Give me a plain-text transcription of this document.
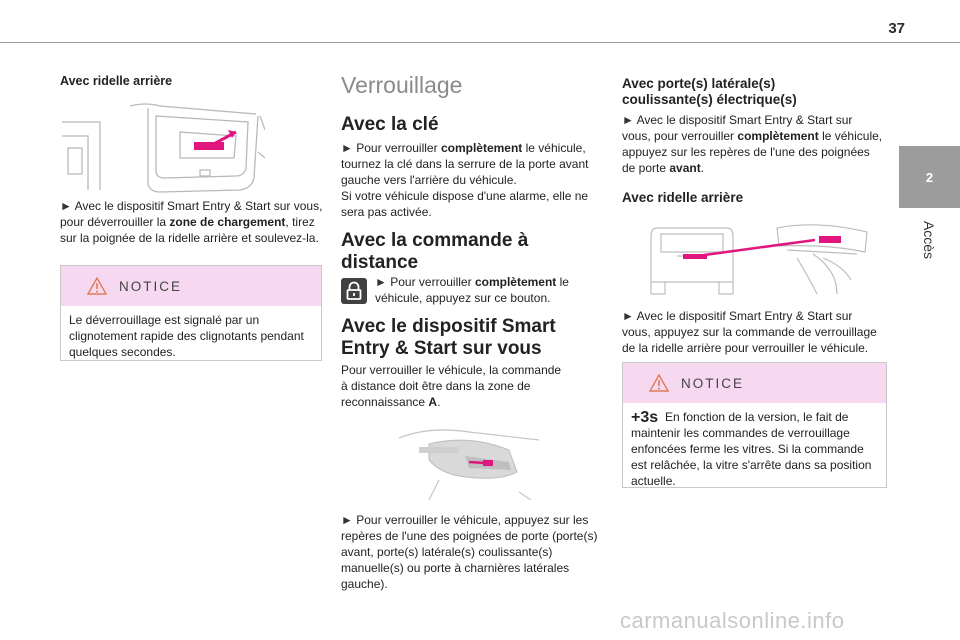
37
2
Accès

Avec ridelle arrière

► Avec le dispositif Smart Entry & Start sur vous, pour déverrouiller la zone de chargement, tirez sur la poignée de la ridelle arrière et soulevez-la.

NOTICE

Le déverrouillage est signalé par un clignotement rapide des clignotants pendant quelques secondes.

Verrouillage
Avec la clé

► Pour verrouiller complètement le véhicule, tournez la clé dans la serrure de la porte avant gauche vers l'arrière du véhicule.
Si votre véhicule dispose d'une alarme, elle ne sera pas activée.

Avec la commande à
distance

► Pour verrouiller complètement le véhicule, appuyez sur ce bouton.

Avec le dispositif Smart
Entry & Start sur vous

Pour verrouiller le véhicule, la commande à distance doit être dans la zone de reconnaissance A.

► Pour verrouiller le véhicule, appuyez sur les repères de l'une des poignées de porte (porte(s) avant, porte(s) latérale(s) coulissante(s) manuelle(s) ou porte à charnières latérales gauche).

Avec porte(s) latérale(s)
coulissante(s) électrique(s)

► Avec le dispositif Smart Entry & Start sur vous, pour verrouiller complètement le véhicule, appuyez sur les repères de l'une des poignées de porte avant.

Avec ridelle arrière

► Avec le dispositif Smart Entry & Start sur vous, appuyez sur la commande de verrouillage de la ridelle arrière pour verrouiller le véhicule.

NOTICE
+3s En fonction de la version, le fait de maintenir les commandes de verrouillage enfoncées ferme les vitres. Si la commande est relâchée, la vitre s'arrête dans sa position actuelle.

carmanualsonline.info
